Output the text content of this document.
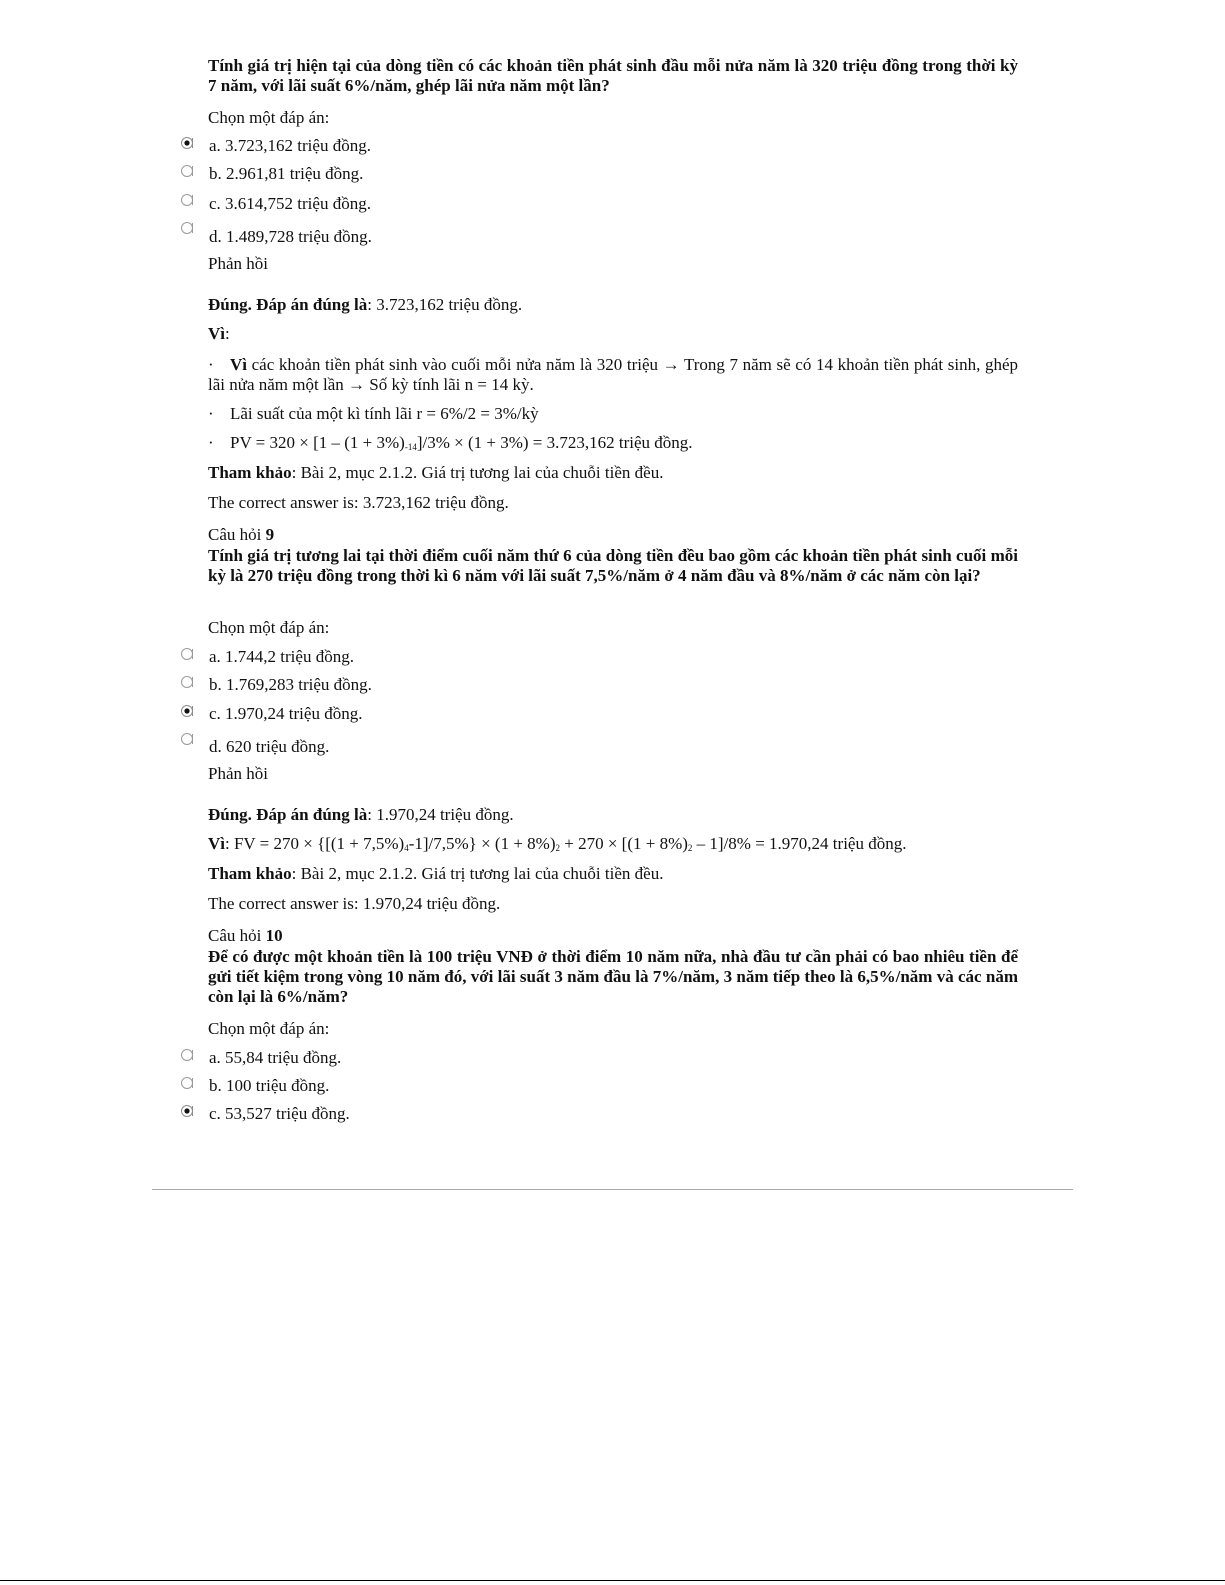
Tính giá trị hiện tại của dòng tiền có các khoản tiền phát sinh đầu mỗi nửa năm là 320 triệu đồng trong thời kỳ 7 năm, với lãi suất 6%/năm, ghép lãi nửa năm một lần?
Chọn một đáp án:
a. 3.723,162 triệu đồng.
b. 2.961,81 triệu đồng.
c. 3.614,752 triệu đồng.
d. 1.489,728 triệu đồng.
Phản hồi
Đúng. Đáp án đúng là: 3.723,162 triệu đồng.
Vì:
· Vì các khoản tiền phát sinh vào cuối mỗi nửa năm là 320 triệu → Trong 7 năm sẽ có 14 khoản tiền phát sinh, ghép lãi nửa năm một lần → Số kỳ tính lãi n = 14 kỳ.
· Lãi suất của một kì tính lãi r = 6%/2 = 3%/kỳ
· PV = $320 \times [1 - (1 + 3\%)_{-14}]/3\% \times (1 + 3\%) = 3.723,162$ triệu đồng.
Tham khảo: Bài 2, mục 2.1.2. Giá trị tương lai của chuỗi tiền đều.
The correct answer is: 3.723,162 triệu đồng.
Câu hỏi 9
Tính giá trị tương lai tại thời điểm cuối năm thứ 6 của dòng tiền đều bao gồm các khoản tiền phát sinh cuối mỗi kỳ là 270 triệu đồng trong thời kì 6 năm với lãi suất 7,5%/năm ở 4 năm đầu và 8%/năm ở các năm còn lại?
Chọn một đáp án:
a. 1.744,2 triệu đồng.
b. 1.769,283 triệu đồng.
c. 1.970,24 triệu đồng.
d. 620 triệu đồng.
Phản hồi
Đúng. Đáp án đúng là: 1.970,24 triệu đồng.
Vì: FV = $270 \times \{[(1 + 7,5\%)_4-1]/7,5\%\} \times (1 + 8\%)_2 + 270 \times [(1 + 8\%)_2 - 1]/8\% = 1.970,24$ triệu đồng.
Tham khảo: Bài 2, mục 2.1.2. Giá trị tương lai của chuỗi tiền đều.
The correct answer is: 1.970,24 triệu đồng.
Câu hỏi 10
Để có được một khoản tiền là 100 triệu VNĐ ở thời điểm 10 năm nữa, nhà đầu tư cần phải có bao nhiêu tiền để gửi tiết kiệm trong vòng 10 năm đó, với lãi suất 3 năm đầu là 7%/năm, 3 năm tiếp theo là 6,5%/năm và các năm còn lại là 6%/năm?
Chọn một đáp án:
a. 55,84 triệu đồng.
b. 100 triệu đồng.
c. 53,527 triệu đồng.
